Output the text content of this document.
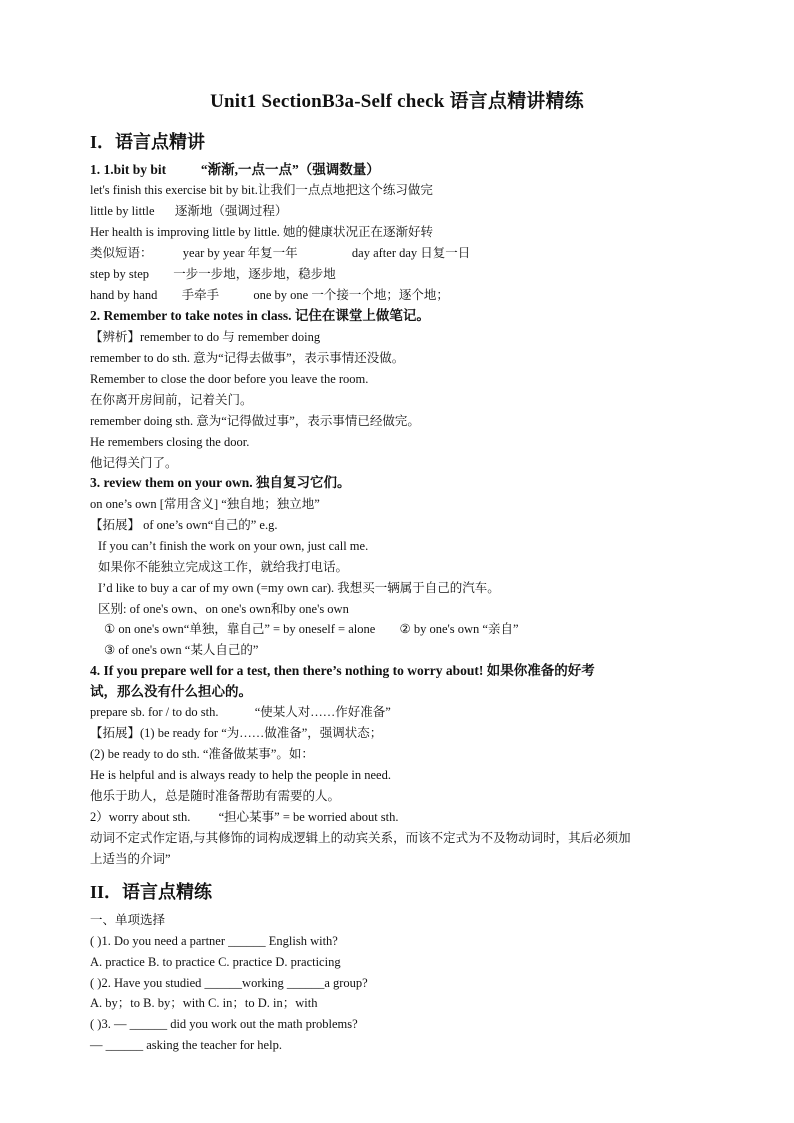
Unit1 SectionB3a-Self check 语言点精讲精练
I．语言点精讲
1. 1.bit by bit	“渐渐,一点一点”（强调数量）
let's finish this exercise bit by bit.让我们一点点地把这个练习做完
little by little 逐渐地（强调过程）
Her health is improving little by little. 她的健康状况正在逐渐好转
类似短语： year by year 年复一年	day after day 日复一日
step by step 一步一步地，逐步地，稳步地
hand by hand 手牵手	one by one 一个接一个地；逐个地；
2. Remember to take notes in class. 记住在课堂上做笔记。
【辨析】remember to do 与 remember doing
remember to do sth. 意为“记得去做事”，表示事情还没做。
Remember to close the door before you leave the room.
在你离开房间前，记着关门。
remember doing sth. 意为“记得做过事”，表示事情已经做完。
He remembers closing the door.
他记得关门了。
3. review them on your own. 独自复习它们。
on one’s own [常用含义] “独自地；独立地”
【拓展】 of one’s own“自己的” e.g.
If you can’t finish the work on your own, just call me.
如果你不能独立完成这工作，就给我打电话。
I’d like to buy a car of my own (=my own car). 我想买一辆属于自己的汽车。
区别: of one's own、on one's own和by one's own
① on one's own“单独，靠自己” = by oneself = alone ② by one's own “亲自”
③ of one's own “某人自己的”
4. If you prepare well for a test, then there’s nothing to worry about! 如果你准备的好考
试，那么没有什么担心的。
prepare sb. for / to do sth.	“使某人对……作好准备”
【拓展】(1) be ready for “为……做准备”，强调状态；
(2) be ready to do sth. “准备做某事”。如：
He is helpful and is always ready to help the people in need.
他乐于助人，总是随时准备帮助有需要的人。
2）worry about sth. “担心某事” = be worried about sth.
动词不定式作定语,与其修饰的词构成逻辑上的动宾关系，而该不定式为不及物动词时，其后必须加
上适当的介词”
II．语言点精练
一、单项选择
( )1. Do you need a partner ______ English with?
A. practice B. to practice C. practice D. practicing
( )2. Have you studied ______working ______a group?
A. by；to B. by；with C. in；to D. in；with
( )3. — ______ did you work out the math problems?
— ______ asking the teacher for help.
